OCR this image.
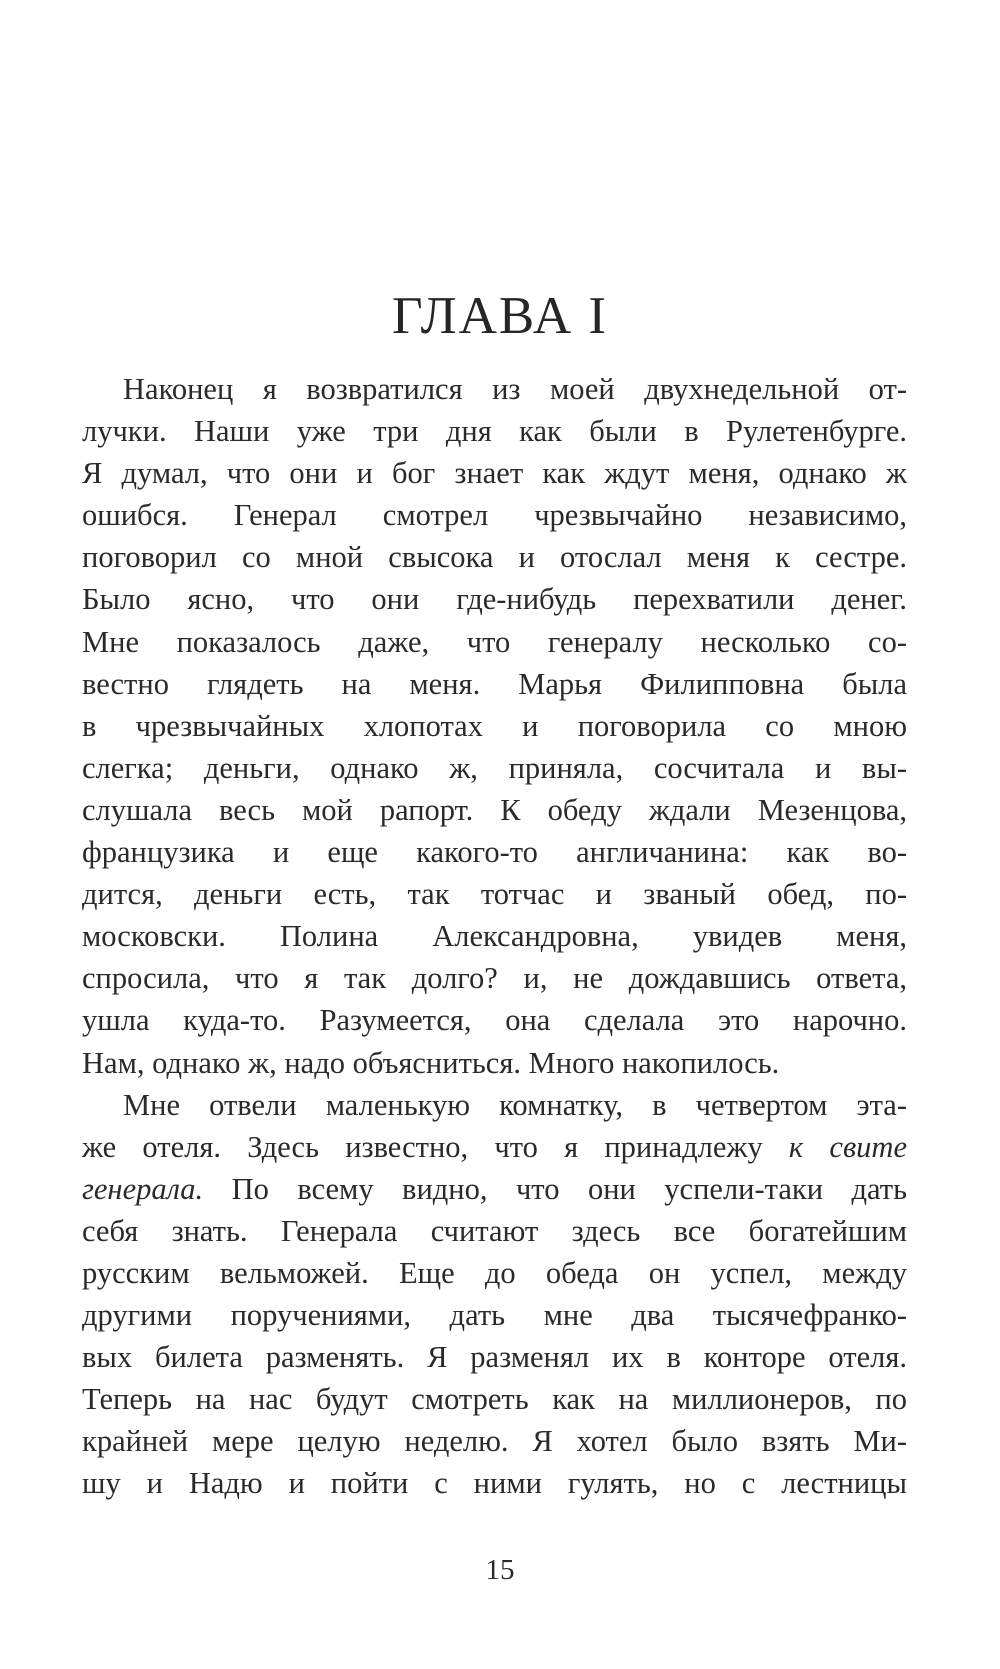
ГЛАВА I
Наконец я возвратился из моей двухнедельной от-
лучки. Наши уже три дня как были в Рулетенбурге.
Я думал, что они и бог знает как ждут меня, однако ж
ошибся. Генерал смотрел чрезвычайно независимо,
поговорил со мной свысока и отослал меня к сестре.
Было ясно, что они где-нибудь перехватили денег.
Мне показалось даже, что генералу несколько со-
вестно глядеть на меня. Марья Филипповна была
в чрезвычайных хлопотах и поговорила со мною
слегка; деньги, однако ж, приняла, сосчитала и вы-
слушала весь мой рапорт. К обеду ждали Мезенцова,
французика и еще какого-то англичанина: как во-
дится, деньги есть, так тотчас и званый обед, по-
московски. Полина Александровна, увидев меня,
спросила, что я так долго? и, не дождавшись ответа,
ушла куда-то. Разумеется, она сделала это нарочно.
Нам, однако ж, надо объясниться. Много накопилось.
Мне отвели маленькую комнатку, в четвертом эта-
же отеля. Здесь известно, что я принадлежу к свите
генерала. По всему видно, что они успели-таки дать
себя знать. Генерала считают здесь все богатейшим
русским вельможей. Еще до обеда он успел, между
другими поручениями, дать мне два тысячефранко-
вых билета разменять. Я разменял их в конторе отеля.
Теперь на нас будут смотреть как на миллионеров, по
крайней мере целую неделю. Я хотел было взять Ми-
шу и Надю и пойти с ними гулять, но с лестницы
15
